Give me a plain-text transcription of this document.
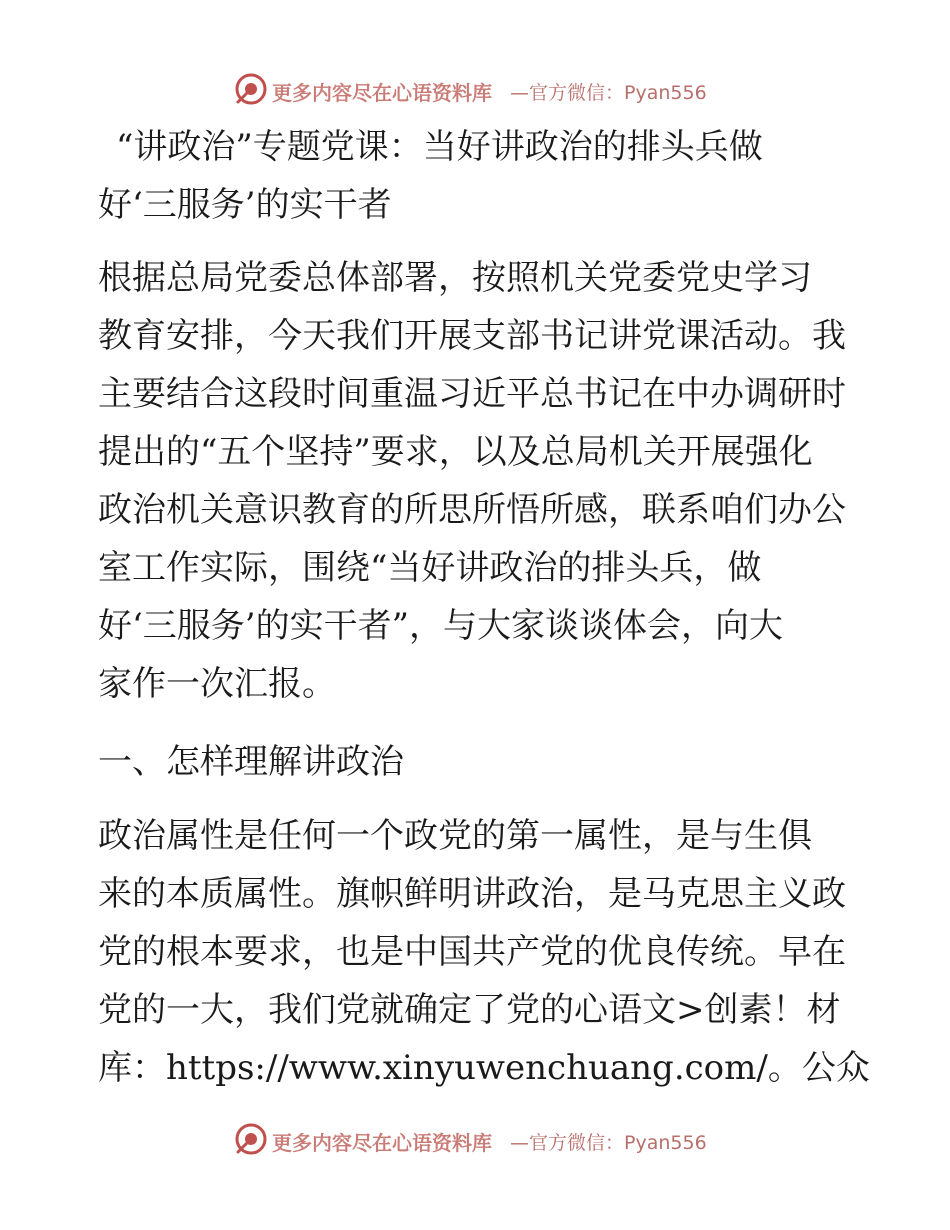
更多内容尽在心语资料库 —官方微信：Pyan556
“讲政治”专题党课：当好讲政治的排头兵做
好‘三服务’的实干者
根据总局党委总体部署，按照机关党委党史学习
教育安排，今天我们开展支部书记讲党课活动。我
主要结合这段时间重温习近平总书记在中办调研时
提出的“五个坚持”要求，以及总局机关开展强化
政治机关意识教育的所思所悟所感，联系咱们办公
室工作实际，围绕“当好讲政治的排头兵，做
好‘三服务’的实干者”，与大家谈谈体会，向大
家作一次汇报。
一、怎样理解讲政治
政治属性是任何一个政党的第一属性，是与生俱
来的本质属性。旗帜鲜明讲政治，是马克思主义政
党的根本要求，也是中国共产党的优良传统。早在
党的一大，我们党就确定了党的心语文>创素！材
库：https://www.xinyuwenchuang.com/。公众
更多内容尽在心语资料库 —官方微信：Pyan556
